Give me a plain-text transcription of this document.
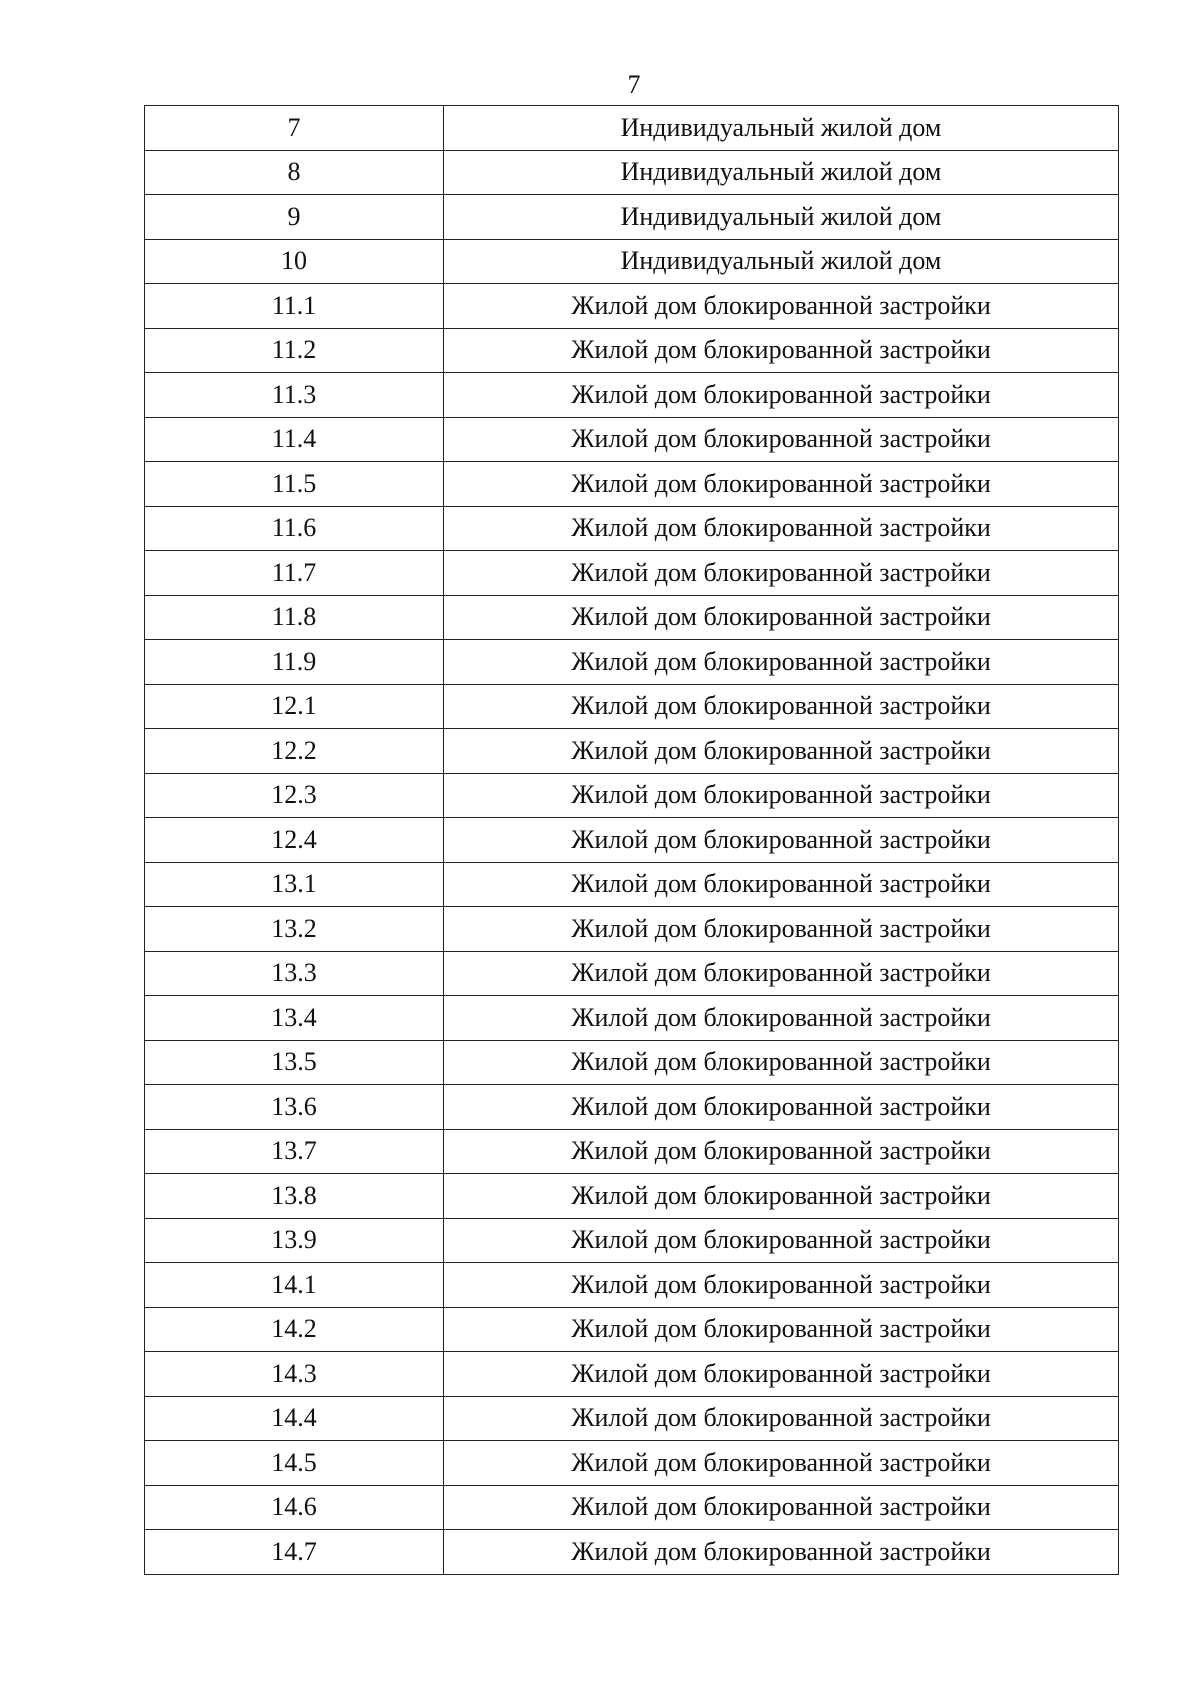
7
7	Индивидуальный жилой дом
8	Индивидуальный жилой дом
9	Индивидуальный жилой дом
10	Индивидуальный жилой дом
11.1	Жилой дом блокированной застройки
11.2	Жилой дом блокированной застройки
11.3	Жилой дом блокированной застройки
11.4	Жилой дом блокированной застройки
11.5	Жилой дом блокированной застройки
11.6	Жилой дом блокированной застройки
11.7	Жилой дом блокированной застройки
11.8	Жилой дом блокированной застройки
11.9	Жилой дом блокированной застройки
12.1	Жилой дом блокированной застройки
12.2	Жилой дом блокированной застройки
12.3	Жилой дом блокированной застройки
12.4	Жилой дом блокированной застройки
13.1	Жилой дом блокированной застройки
13.2	Жилой дом блокированной застройки
13.3	Жилой дом блокированной застройки
13.4	Жилой дом блокированной застройки
13.5	Жилой дом блокированной застройки
13.6	Жилой дом блокированной застройки
13.7	Жилой дом блокированной застройки
13.8	Жилой дом блокированной застройки
13.9	Жилой дом блокированной застройки
14.1	Жилой дом блокированной застройки
14.2	Жилой дом блокированной застройки
14.3	Жилой дом блокированной застройки
14.4	Жилой дом блокированной застройки
14.5	Жилой дом блокированной застройки
14.6	Жилой дом блокированной застройки
14.7	Жилой дом блокированной застройки
